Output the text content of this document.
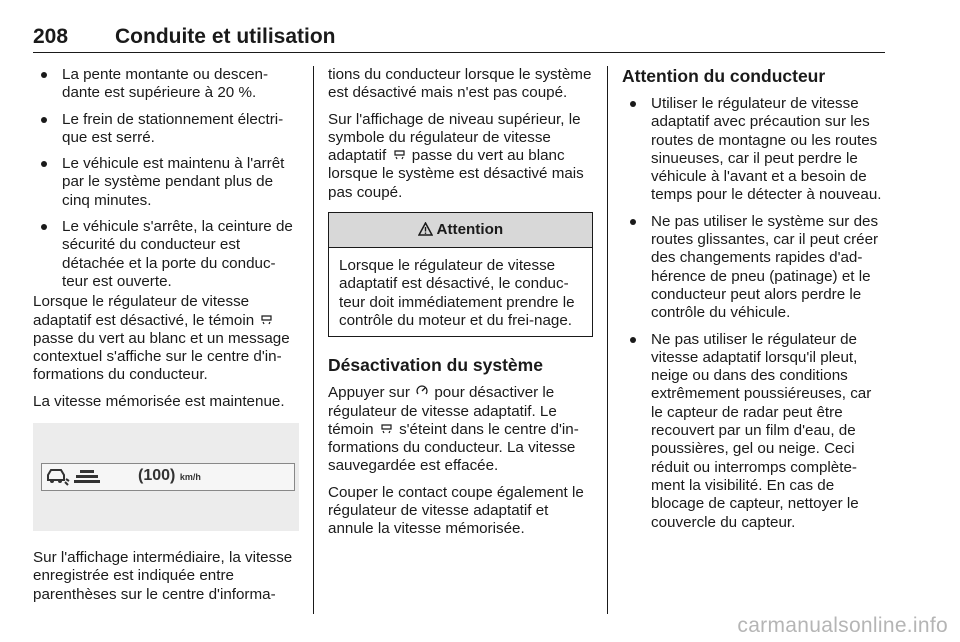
208 Conduite et utilisation
La pente montante ou descen-dante est supérieure à 20 %.
Le frein de stationnement électri-que est serré.
Le véhicule est maintenu à l'arrêt par le système pendant plus de cinq minutes.
Le véhicule s'arrête, la ceinture de sécurité du conducteur est détachée et la porte du conduc-teur est ouverte.

Lorsque le régulateur de vitesse adaptatif est désactivé, le témoin  passe du vert au blanc et un message contextuel s'affiche sur le centre d'in-formations du conducteur.

La vitesse mémorisée est maintenue.

(100) km/h

Sur l'affichage intermédiaire, la vitesse enregistrée est indiquée entre parenthèses sur le centre d'informa-

tions du conducteur lorsque le système est désactivé mais n'est pas coupé.

Sur l'affichage de niveau supérieur, le symbole du régulateur de vitesse adaptatif passe du vert au blanc lorsque le système est désactivé mais pas coupé.

Attention
Lorsque le régulateur de vitesse adaptatif est désactivé, le conduc-teur doit immédiatement prendre le contrôle du moteur et du frei-nage.
Désactivation du système

Appuyer sur pour désactiver le régulateur de vitesse adaptatif. Le témoin s'éteint dans le centre d'in-formations du conducteur. La vitesse sauvegardée est effacée.

Couper le contact coupe également le régulateur de vitesse adaptatif et annule la vitesse mémorisée.

Attention du conducteur
Utiliser le régulateur de vitesse adaptatif avec précaution sur les routes de montagne ou les routes sinueuses, car il peut perdre le véhicule à l'avant et a besoin de temps pour le détecter à nouveau.
Ne pas utiliser le système sur des routes glissantes, car il peut créer des changements rapides d'ad-hérence de pneu (patinage) et le conducteur peut alors perdre le contrôle du véhicule.
Ne pas utiliser le régulateur de vitesse adaptatif lorsqu'il pleut, neige ou dans des conditions extrêmement poussiéreuses, car le capteur de radar peut être recouvert par un film d'eau, de poussières, gel ou neige. Ceci réduit ou interromps complète-ment la visibilité. En cas de blocage de capteur, nettoyer le couvercle du capteur.
carmanualsonline.info
